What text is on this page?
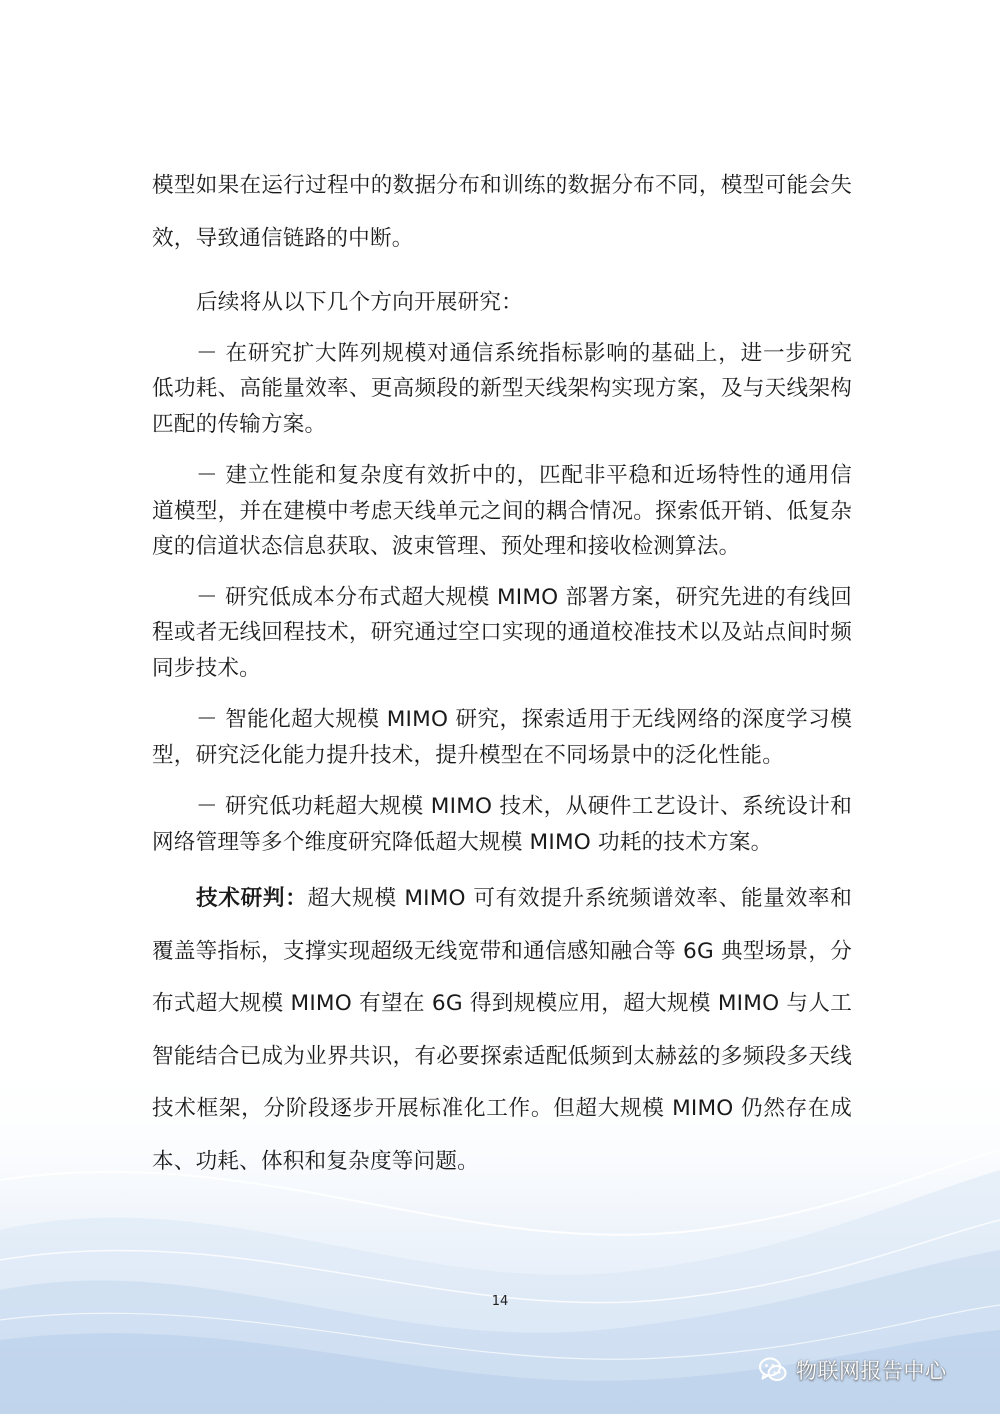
模型如果在运行过程中的数据分布和训练的数据分布不同，模型可能会失效，导致通信链路的中断。

后续将从以下几个方向开展研究：

－ 在研究扩大阵列规模对通信系统指标影响的基础上，进一步研究低功耗、高能量效率、更高频段的新型天线架构实现方案，及与天线架构匹配的传输方案。

－ 建立性能和复杂度有效折中的，匹配非平稳和近场特性的通用信道模型，并在建模中考虑天线单元之间的耦合情况。探索低开销、低复杂度的信道状态信息获取、波束管理、预处理和接收检测算法。

－ 研究低成本分布式超大规模 MIMO 部署方案，研究先进的有线回程或者无线回程技术，研究通过空口实现的通道校准技术以及站点间时频同步技术。

－ 智能化超大规模 MIMO 研究，探索适用于无线网络的深度学习模型，研究泛化能力提升技术，提升模型在不同场景中的泛化性能。

－ 研究低功耗超大规模 MIMO 技术，从硬件工艺设计、系统设计和网络管理等多个维度研究降低超大规模 MIMO 功耗的技术方案。

技术研判：超大规模 MIMO 可有效提升系统频谱效率、能量效率和覆盖等指标，支撑实现超级无线宽带和通信感知融合等 6G 典型场景，分布式超大规模 MIMO 有望在 6G 得到规模应用，超大规模 MIMO 与人工智能结合已成为业界共识，有必要探索适配低频到太赫兹的多频段多天线技术框架，分阶段逐步开展标准化工作。但超大规模 MIMO 仍然存在成本、功耗、体积和复杂度等问题。

14
物联网报告中心
